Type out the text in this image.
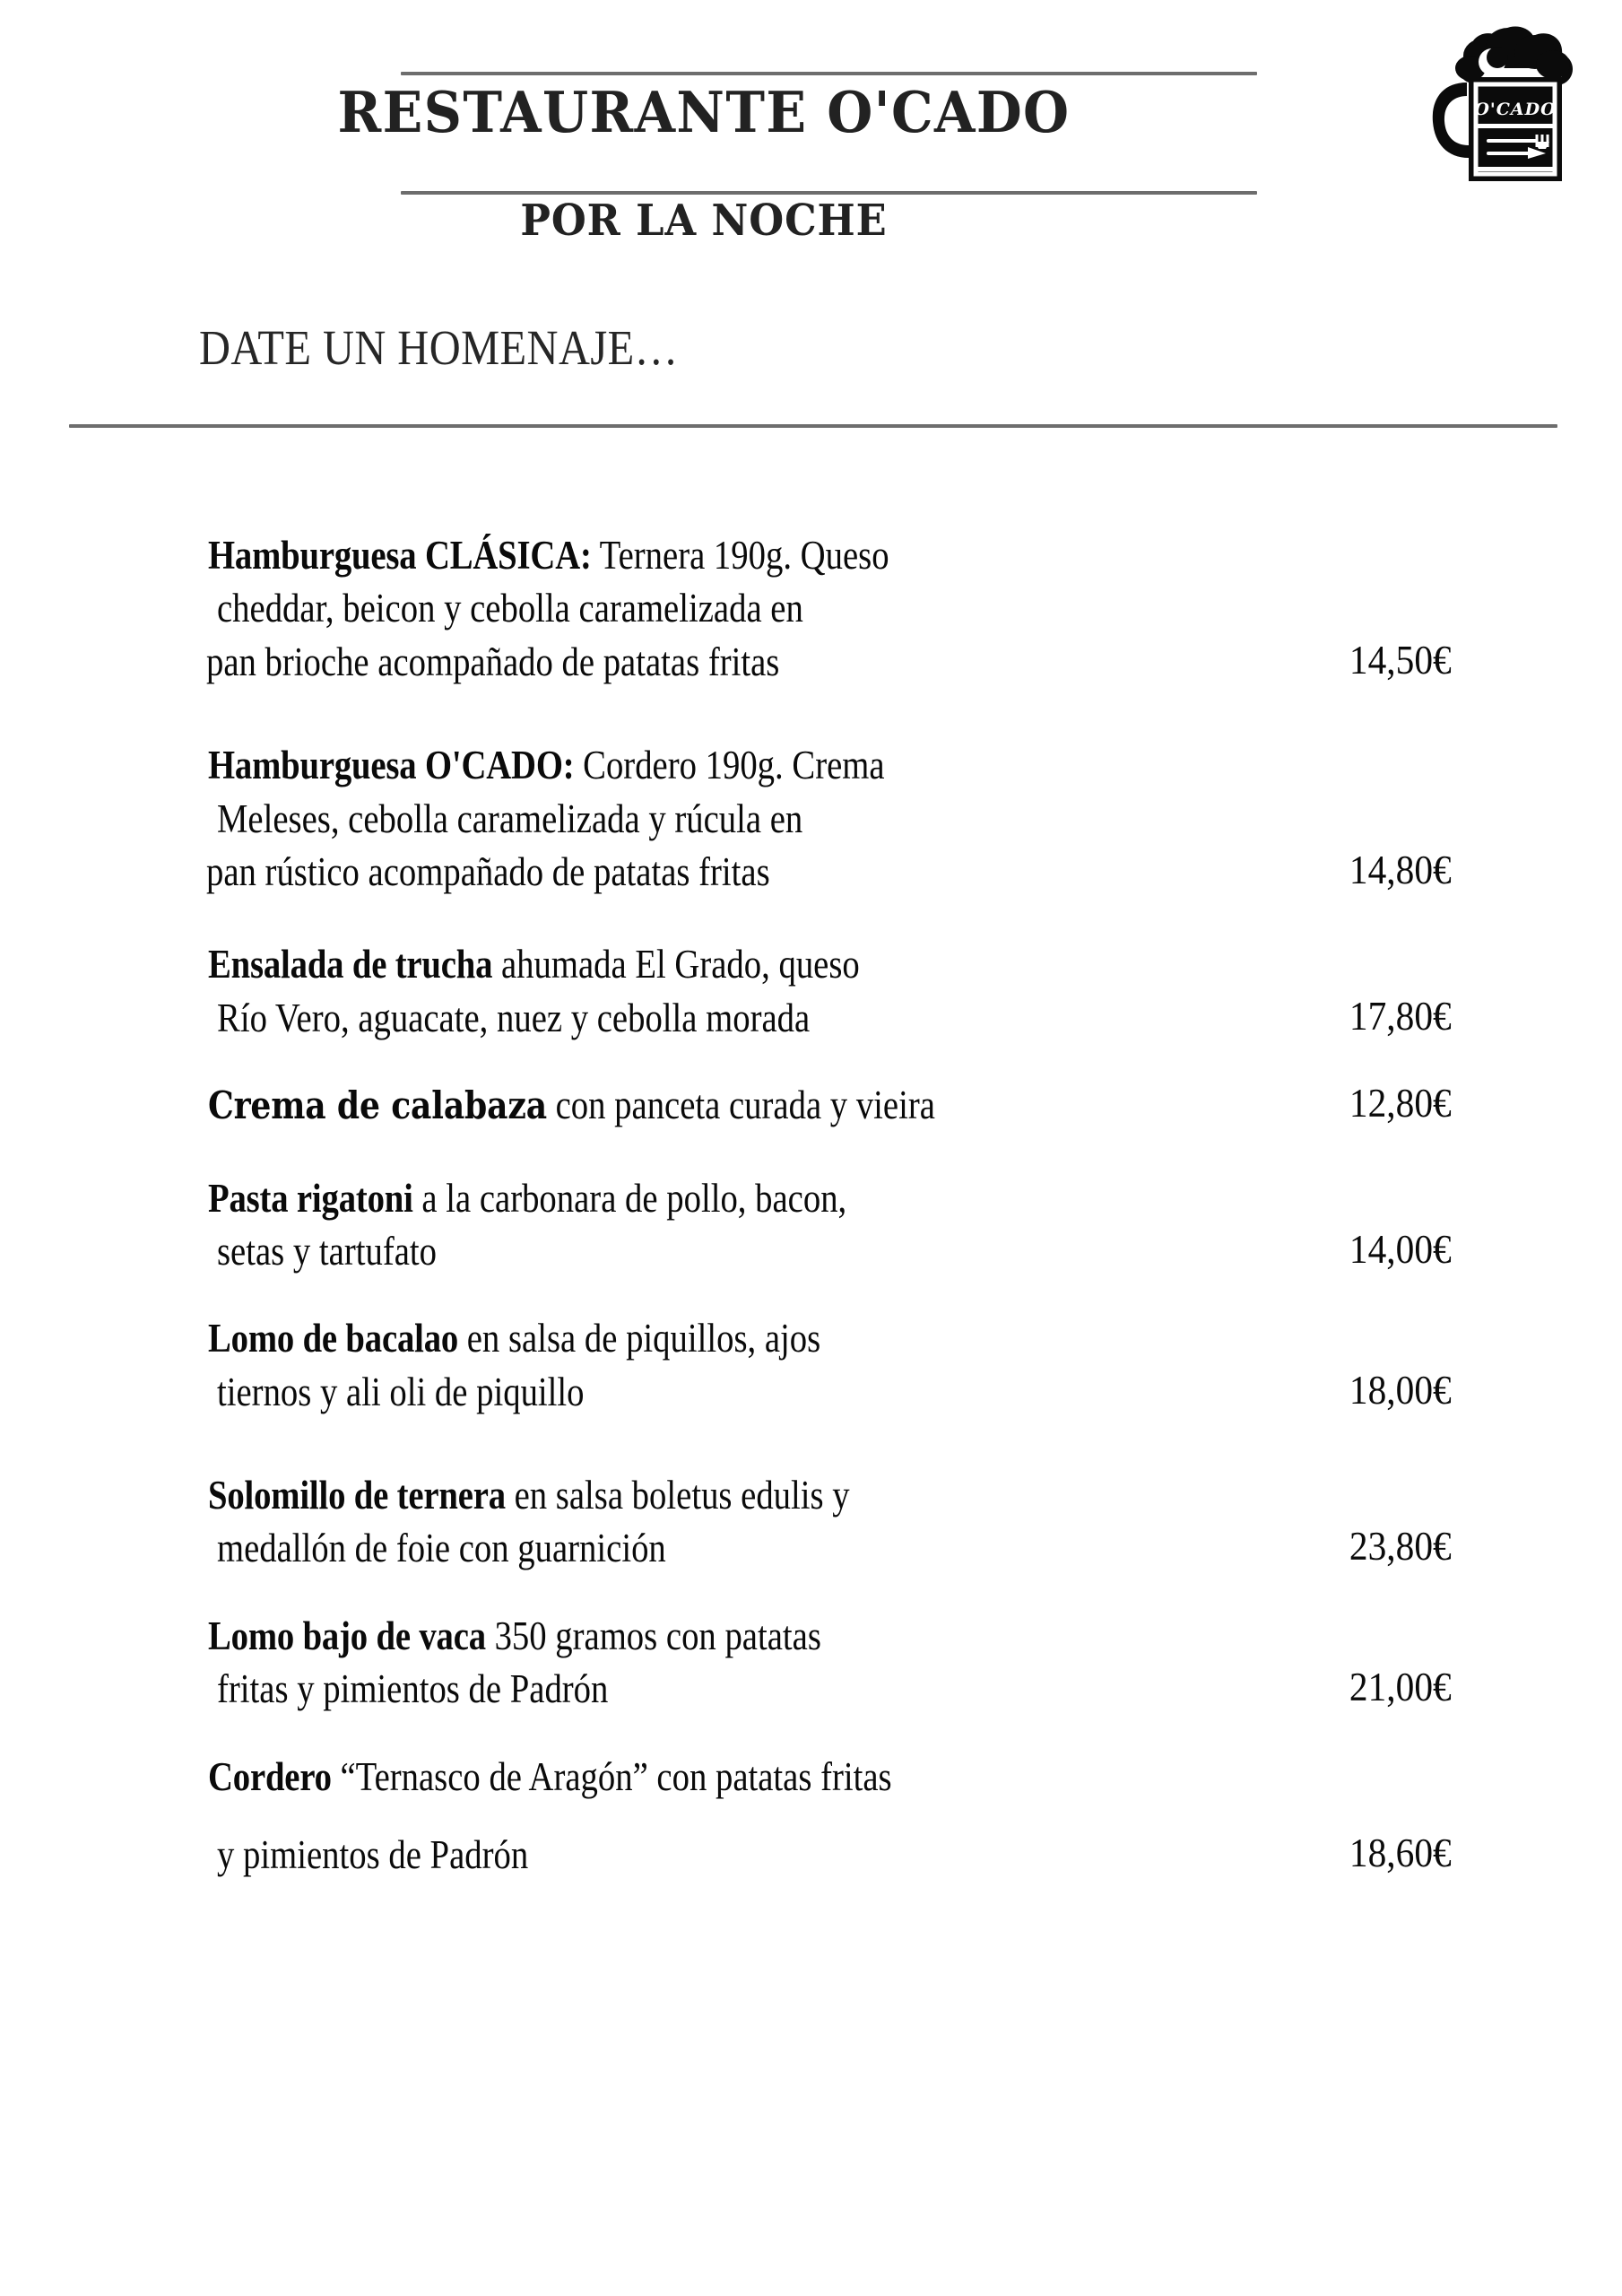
RESTAURANTE O'CADO
POR LA NOCHE
DATE UN HOMENAJE…
O'CADO
Hamburguesa CLÁSICA: Ternera 190g. Queso
cheddar, beicon y cebolla caramelizada en
pan brioche acompañado de patatas fritas	14,50€
Hamburguesa O'CADO: Cordero 190g. Crema
Meleses, cebolla caramelizada y rúcula en
pan rústico acompañado de patatas fritas	14,80€
Ensalada de trucha ahumada El Grado, queso
Río Vero, aguacate, nuez y cebolla morada	17,80€
Crema de calabaza con panceta curada y vieira	12,80€
Pasta rigatoni a la carbonara de pollo, bacon,
setas y tartufato	14,00€
Lomo de bacalao en salsa de piquillos, ajos
tiernos y ali oli de piquillo	18,00€
Solomillo de ternera en salsa boletus edulis y
medallón de foie con guarnición	23,80€
Lomo bajo de vaca 350 gramos con patatas
fritas y pimientos de Padrón	21,00€
Cordero “Ternasco de Aragón” con patatas fritas
y pimientos de Padrón	18,60€
